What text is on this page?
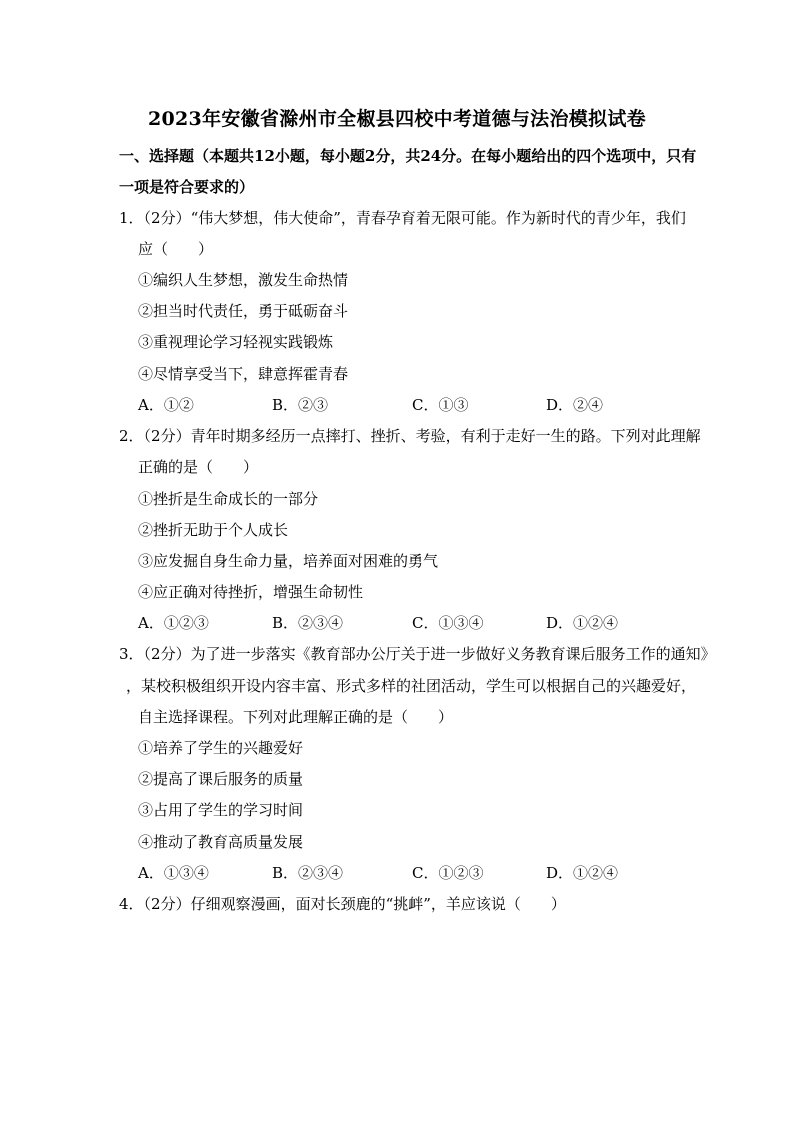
2023年安徽省滁州市全椒县四校中考道德与法治模拟试卷
一、选择题（本题共12小题，每小题2分，共24分。在每小题给出的四个选项中，只有
一项是符合要求的）
1．（2分）“伟大梦想，伟大使命”，青春孕育着无限可能。作为新时代的青少年，我们
应（　　）
①编织人生梦想，激发生命热情
②担当时代责任，勇于砥砺奋斗
③重视理论学习轻视实践锻炼
④尽情享受当下，肆意挥霍青春
A．①②	B．②③	C．①③	D．②④
2．（2分）青年时期多经历一点摔打、挫折、考验，有利于走好一生的路。下列对此理解
正确的是（　　）
①挫折是生命成长的一部分
②挫折无助于个人成长
③应发掘自身生命力量，培养面对困难的勇气
④应正确对待挫折，增强生命韧性
A．①②③	B．②③④	C．①③④	D．①②④
3．（2分）为了进一步落实《教育部办公厅关于进一步做好义务教育课后服务工作的通知》
，某校积极组织开设内容丰富、形式多样的社团活动，学生可以根据自己的兴趣爱好，
自主选择课程。下列对此理解正确的是（　　）
①培养了学生的兴趣爱好
②提高了课后服务的质量
③占用了学生的学习时间
④推动了教育高质量发展
A．①③④	B．②③④	C．①②③	D．①②④
4．（2分）仔细观察漫画，面对长颈鹿的“挑衅”，羊应该说（　　）
